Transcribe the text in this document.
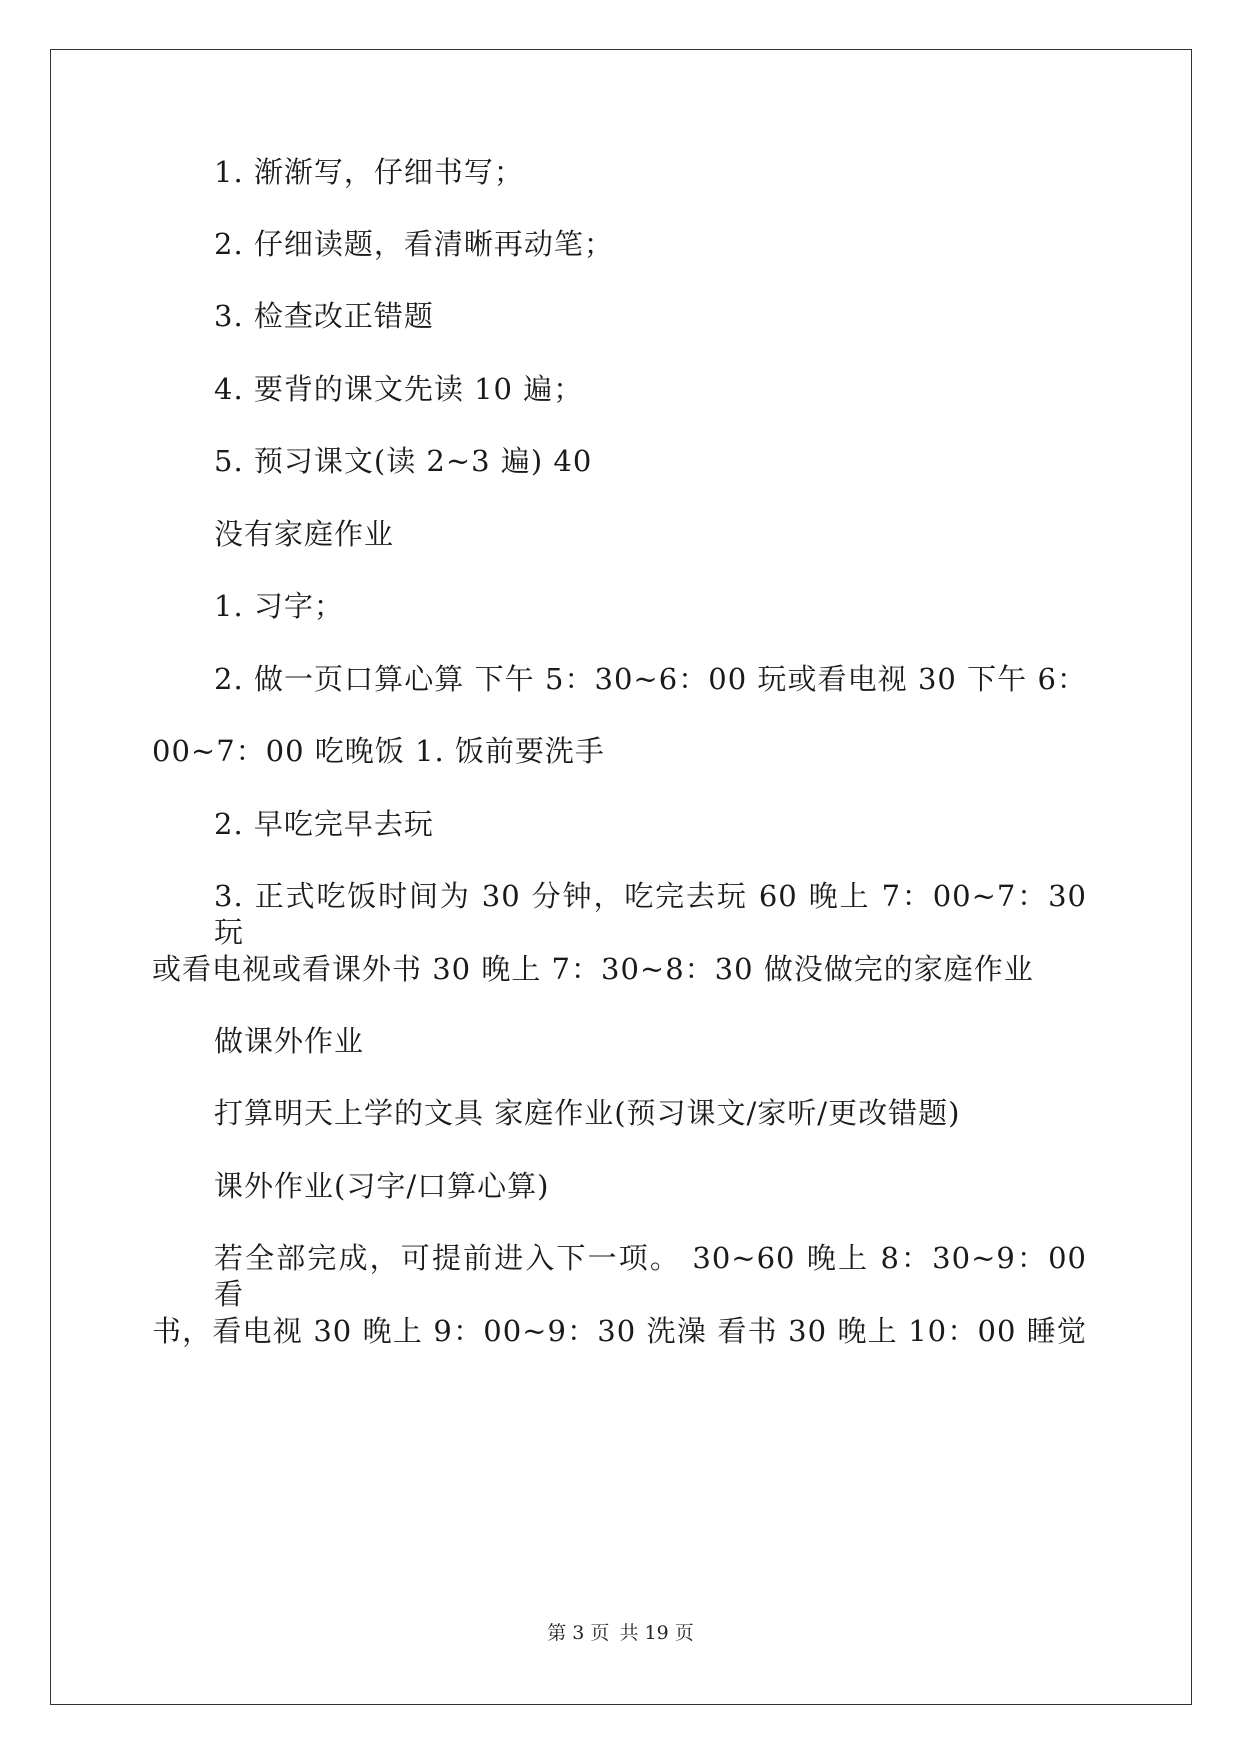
1. 渐渐写，仔细书写；
2. 仔细读题，看清晰再动笔；
3. 检查改正错题
4. 要背的课文先读 10 遍；
5. 预习课文(读 2~3 遍) 40
没有家庭作业
1. 习字；
2. 做一页口算心算 下午 5：30~6：00 玩或看电视 30 下午 6：
00~7：00 吃晚饭 1. 饭前要洗手
2. 早吃完早去玩
3. 正式吃饭时间为 30 分钟，吃完去玩 60 晚上 7：00~7：30 玩
或看电视或看课外书 30 晚上 7：30~8：30 做没做完的家庭作业
做课外作业
打算明天上学的文具 家庭作业(预习课文/家听/更改错题)
课外作业(习字/口算心算)
若全部完成，可提前进入下一项。 30~60 晚上 8：30~9：00 看
书，看电视 30 晚上 9：00~9：30 洗澡 看书 30 晚上 10：00 睡觉
第 3 页 共 19 页
